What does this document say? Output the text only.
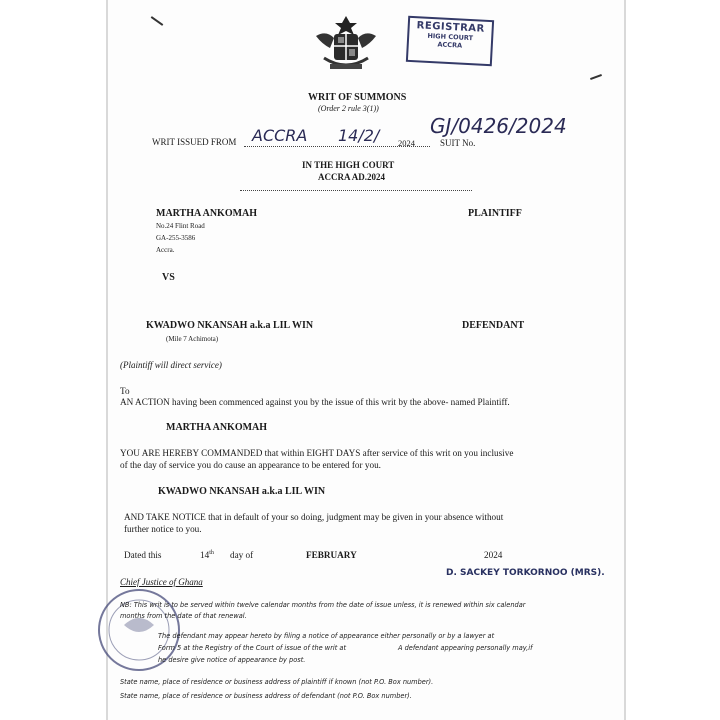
REGISTRAR
HIGH COURT
ACCRA
WRIT OF SUMMONS
(Order 2 rule 3(1))
WRIT ISSUED FROM ACCRA 14/2/ 2024	SUIT No.
GJ/0426/2024
IN THE HIGH COURT
ACCRA AD.2024
MARTHA ANKOMAH	PLAINTIFF
No.24 Flint Road
GA-255-3586
Accra.
VS
KWADWO NKANSAH a.k.a LIL WIN	DEFENDANT
(Mile 7 Achimota)
(Plaintiff will direct service)
To
AN ACTION having been commenced against you by the issue of this writ by the above- named Plaintiff.
MARTHA ANKOMAH
YOU ARE HEREBY COMMANDED that within EIGHT DAYS after service of this writ on you inclusive
of the day of service you do cause an appearance to be entered for you.
KWADWO NKANSAH a.k.a LIL WIN
AND TAKE NOTICE that in default of your so doing, judgment may be given in your absence without
further notice to you.
Dated this	14th day of	FEBRUARY	2024
Chief Justice of Ghana
D. SACKEY TORKORNOO (MRS).
NB: This writ is to be served within twelve calendar months from the date of issue unless, it is renewed within six calendar
months from the date of that renewal.
The defendant may appear hereto by filing a notice of appearance either personally or by a lawyer at
Form 5 at the Registry of the Court of issue of the writ at	A defendant appearing personally may,if
he desire give notice of appearance by post.
State name, place of residence or business address of plaintiff if known (not P.O. Box number).
State name, place of residence or business address of defendant (not P.O. Box number).
